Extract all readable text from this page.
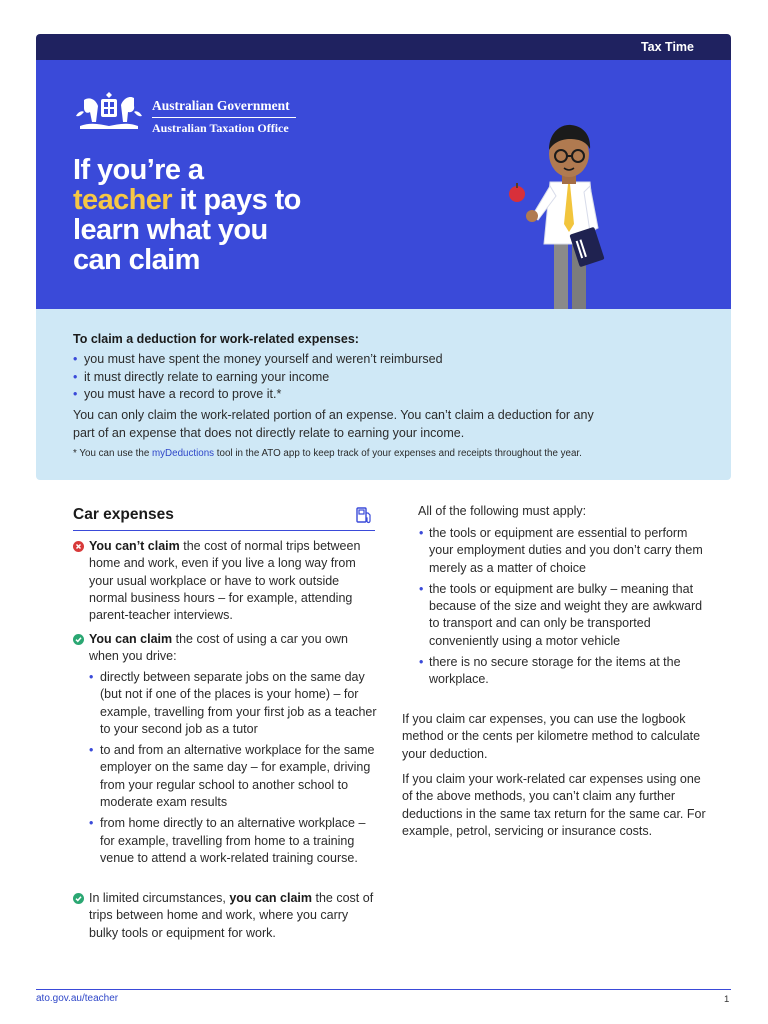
Tax Time
Australian Government
Australian Taxation Office
If you’re a
teacher it pays to
learn what you
can claim
To claim a deduction for work-related expenses:
• you must have spent the money yourself and weren’t reimbursed
• it must directly relate to earning your income
• you must have a record to prove it.*
You can only claim the work-related portion of an expense. You can’t claim a deduction for any part of an expense that does not directly relate to earning your income.
* You can use the myDeductions tool in the ATO app to keep track of your expenses and receipts throughout the year.
Car expenses
You can’t claim the cost of normal trips between home and work, even if you live a long way from your usual workplace or have to work outside normal business hours – for example, attending parent-teacher interviews.
You can claim the cost of using a car you own when you drive:
• directly between separate jobs on the same day (but not if one of the places is your home) – for example, travelling from your first job as a teacher to your second job as a tutor
• to and from an alternative workplace for the same employer on the same day – for example, driving from your regular school to another school to moderate exam results
• from home directly to an alternative workplace – for example, travelling from home to a training venue to attend a work-related training course.
In limited circumstances, you can claim the cost of trips between home and work, where you carry bulky tools or equipment for work.
All of the following must apply:
• the tools or equipment are essential to perform your employment duties and you don’t carry them merely as a matter of choice
• the tools or equipment are bulky – meaning that because of the size and weight they are awkward to transport and can only be transported conveniently using a motor vehicle
• there is no secure storage for the items at the workplace.
If you claim car expenses, you can use the logbook method or the cents per kilometre method to calculate your deduction.
If you claim your work-related car expenses using one of the above methods, you can’t claim any further deductions in the same tax return for the same car. For example, petrol, servicing or insurance costs.
ato.gov.au/teacher	1
